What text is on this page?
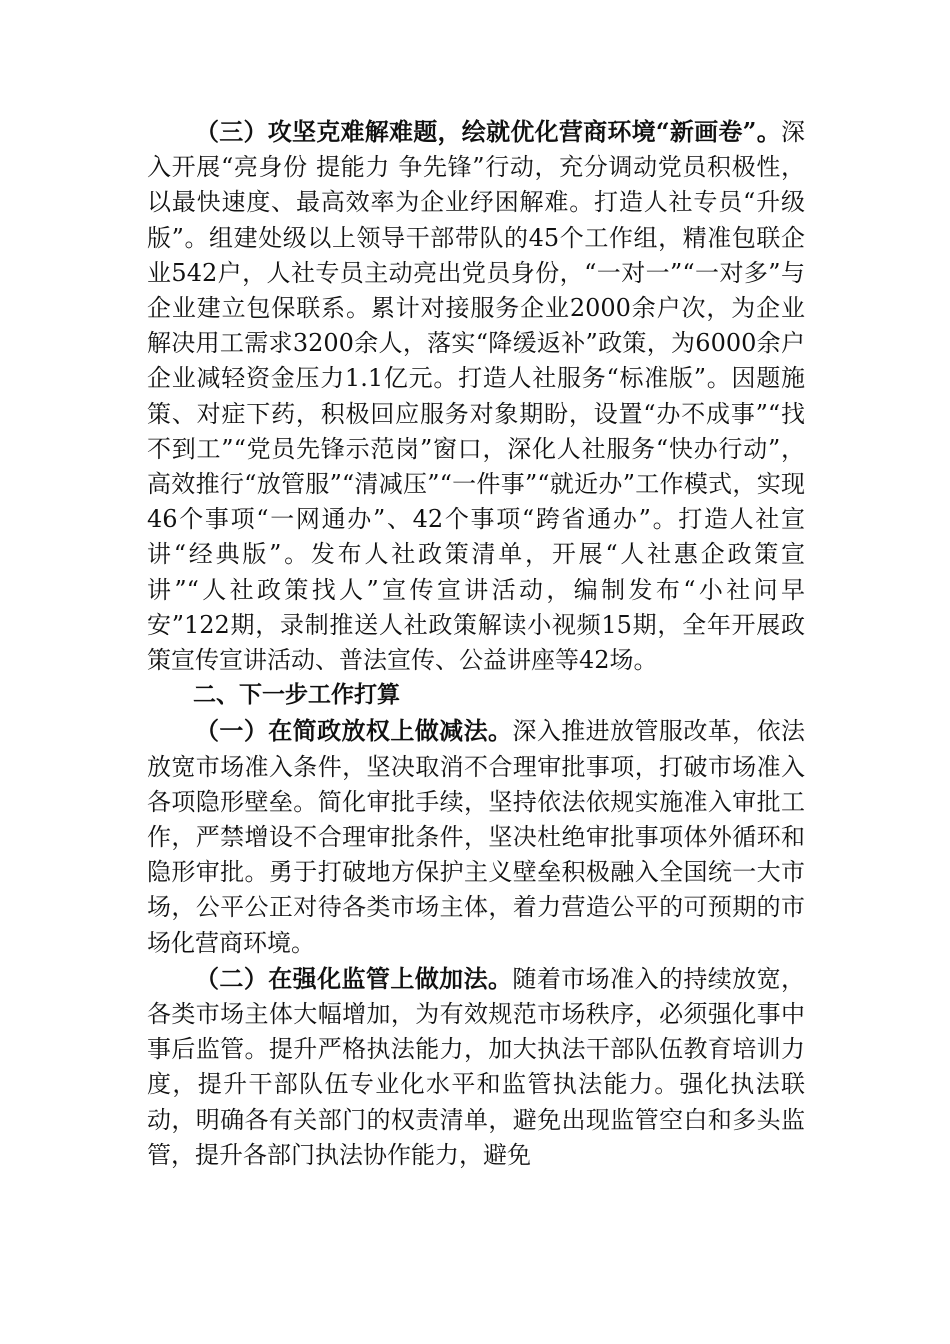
（三）攻坚克难解难题，绘就优化营商环境“新画卷”。深入开展“亮身份 提能力 争先锋”行动，充分调动党员积极性，以最快速度、最高效率为企业纾困解难。打造人社专员“升级版”。组建处级以上领导干部带队的45个工作组，精准包联企业542户，人社专员主动亮出党员身份，“一对一”“一对多”与企业建立包保联系。累计对接服务企业2000余户次，为企业解决用工需求3200余人，落实“降缓返补”政策，为6000余户企业减轻资金压力1.1亿元。打造人社服务“标准版”。因题施策、对症下药，积极回应服务对象期盼，设置“办不成事”“找不到工”“党员先锋示范岗”窗口，深化人社服务“快办行动”，高效推行“放管服”“清减压”“一件事”“就近办”工作模式，实现46个事项“一网通办”、42个事项“跨省通办”。打造人社宣讲“经典版”。发布人社政策清单，开展“人社惠企政策宣讲”“人社政策找人”宣传宣讲活动，编制发布“小社问早安”122期，录制推送人社政策解读小视频15期，全年开展政策宣传宣讲活动、普法宣传、公益讲座等42场。

二、下一步工作打算

（一）在简政放权上做减法。深入推进放管服改革，依法放宽市场准入条件，坚决取消不合理审批事项，打破市场准入各项隐形壁垒。简化审批手续，坚持依法依规实施准入审批工作，严禁增设不合理审批条件，坚决杜绝审批事项体外循环和隐形审批。勇于打破地方保护主义壁垒积极融入全国统一大市场，公平公正对待各类市场主体，着力营造公平的可预期的市场化营商环境。

（二）在强化监管上做加法。随着市场准入的持续放宽，各类市场主体大幅增加，为有效规范市场秩序，必须强化事中事后监管。提升严格执法能力，加大执法干部队伍教育培训力度，提升干部队伍专业化水平和监管执法能力。强化执法联动，明确各有关部门的权责清单，避免出现监管空白和多头监管，提升各部门执法协作能力，避免
